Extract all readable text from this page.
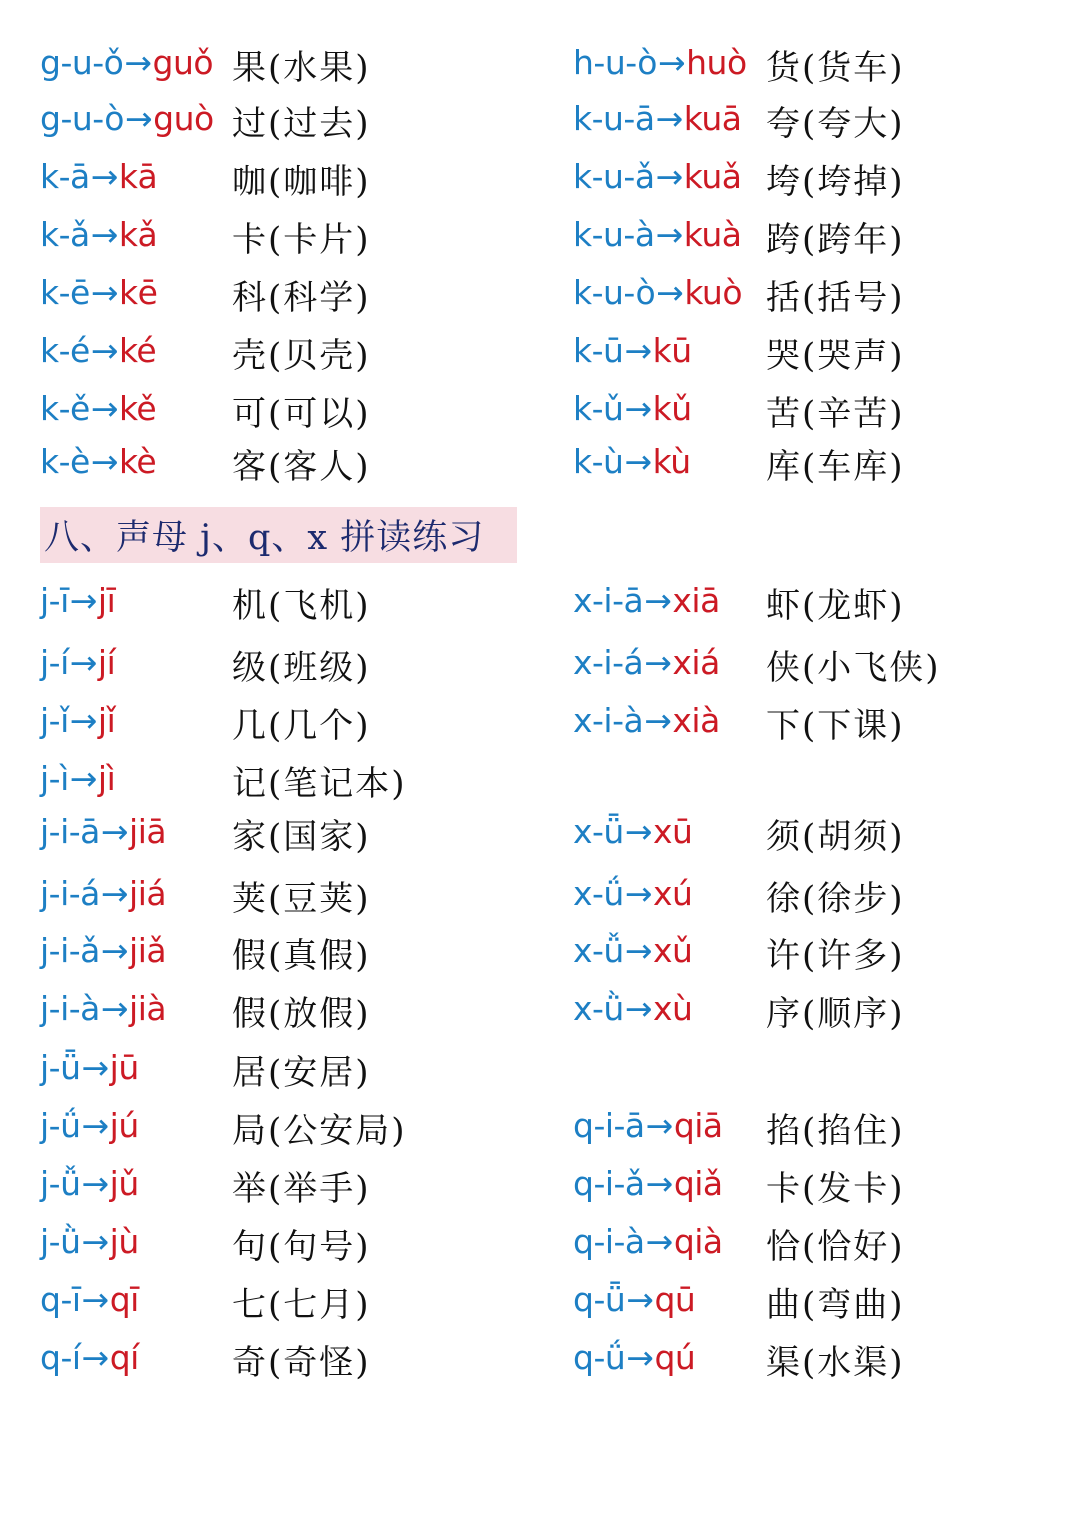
八、声母 j、q、x 拼读练习
g-u-ǒ→guǒ 果(水果)	h-u-ò→huò 货(货车)
g-u-ò→guò 过(过去)	k-u-ā→kuā 夸(夸大)
k-ā→kā 咖(咖啡)	k-u-ǎ→kuǎ 垮(垮掉)
k-ǎ→kǎ 卡(卡片)	k-u-à→kuà 跨(跨年)
k-ē→kē 科(科学)	k-u-ò→kuò 括(括号)
k-é→ké 壳(贝壳)	k-ū→kū 哭(哭声)
k-ě→kě 可(可以)	k-ǔ→kǔ 苦(辛苦)
k-è→kè 客(客人)	k-ù→kù 库(车库)
j-ī→jī	机(飞机)	x-i-ā→xiā 虾(龙虾)
j-í→jí	级(班级)	x-i-á→xiá 侠(小飞侠)
j-ǐ→jǐ	几(几个)	x-i-à→xià 下(下课)
j-ì→jì	记(笔记本)
j-i-ā→jiā 家(国家)	x-ǖ→xū 须(胡须)
j-i-á→jiá 荚(豆荚)	x-ǘ→xú 徐(徐步)
j-i-ǎ→jiǎ 假(真假)	x-ǚ→xǔ 许(许多)
j-i-à→jià 假(放假)	x-ǜ→xù 序(顺序)
j-ǖ→jū	居(安居)
j-ǘ→jú	局(公安局)	q-i-ā→qiā 掐(掐住)
j-ǚ→jǔ	举(举手)	q-i-ǎ→qiǎ 卡(发卡)
j-ǜ→jù	句(句号)	q-i-à→qià 恰(恰好)
q-ī→qī	七(七月)	q-ǖ→qū 曲(弯曲)
q-í→qí	奇(奇怪)	q-ǘ→qú 渠(水渠)
